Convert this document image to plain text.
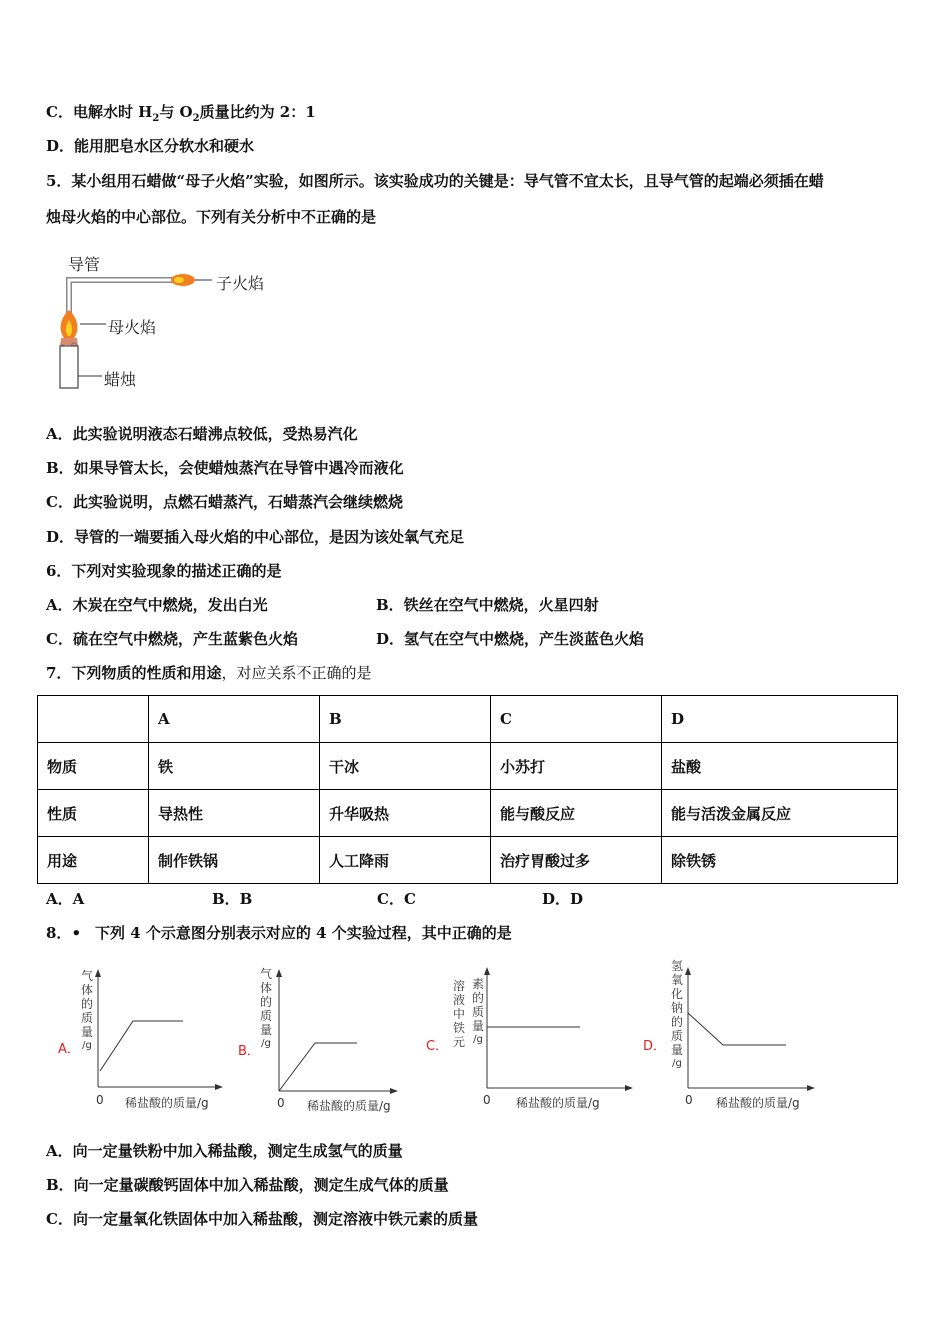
C．电解水时 $H_2$与 $O_2$质量比约为 2：1
D．能用肥皂水区分软水和硬水
5．某小组用石蜡做“母子火焰”实验，如图所示。该实验成功的关键是：导气管不宜太长，且导气管的起端必须插在蜡
烛母火焰的中心部位。下列有关分析中不正确的是
导管
子火焰
母火焰
蜡烛
A．此实验说明液态石蜡沸点较低，受热易汽化
B．如果导管太长，会使蜡烛蒸汽在导管中遇冷而液化
C．此实验说明，点燃石蜡蒸汽，石蜡蒸汽会继续燃烧
D．导管的一端要插入母火焰的中心部位，是因为该处氧气充足
6．下列对实验现象的描述正确的是
A．木炭在空气中燃烧，发出白光	B．铁丝在空气中燃烧，火星四射
C．硫在空气中燃烧，产生蓝紫色火焰	D．氢气在空气中燃烧，产生淡蓝色火焰
7．下列物质的性质和用途，对应关系不正确的是
	A	B	C	D
物质	铁	干冰	小苏打	盐酸
性质	导热性	升华吸热	能与酸反应	能与活泼金属反应
用途	制作铁锅	人工降雨	治疗胃酸过多	除铁锈
A．A	B．B	C．C	D．D
8．• 下列 4 个示意图分别表示对应的 4 个实验过程，其中正确的是
气
体
的
质
量
/g
A．
0 稀盐酸的质量/g
气
体
的
质
量
/g
B．
0 稀盐酸的质量/g
C．
溶
液
中
铁
元
素
的
质
量
/g
0 稀盐酸的质量/g
D．
氢
氧
化
钠
的
质
量
/g
0 稀盐酸的质量/g
A．向一定量铁粉中加入稀盐酸，测定生成氢气的质量
B．向一定量碳酸钙固体中加入稀盐酸，测定生成气体的质量
C．向一定量氧化铁固体中加入稀盐酸，测定溶液中铁元素的质量
